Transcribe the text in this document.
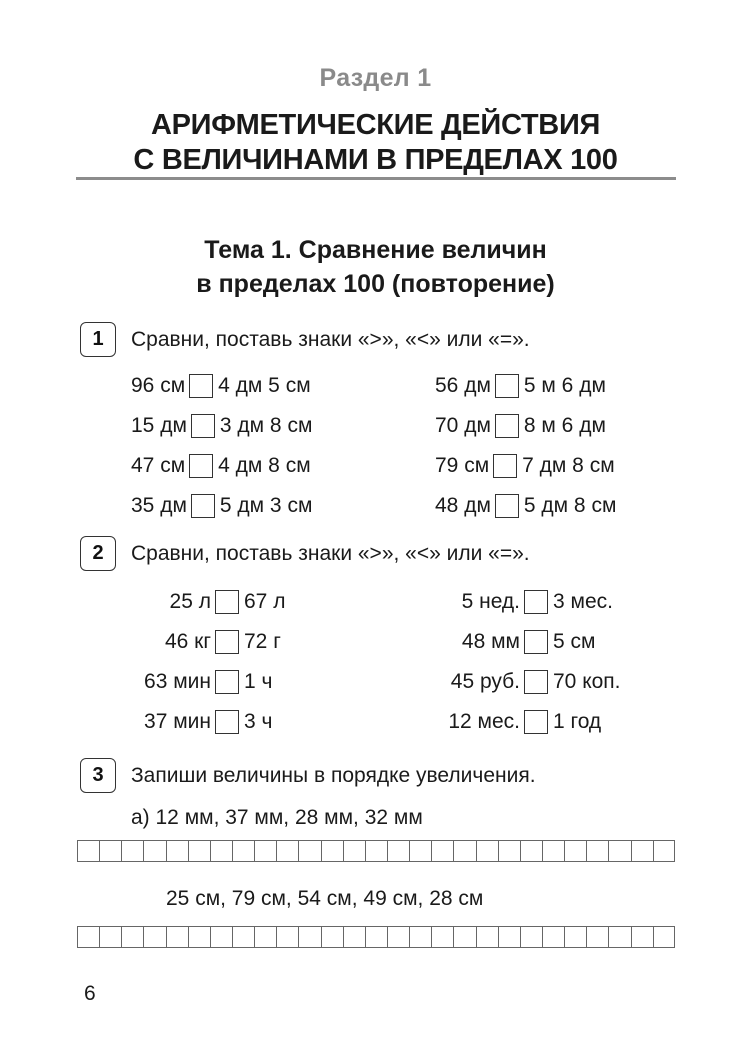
Раздел 1
АРИФМЕТИЧЕСКИЕ ДЕЙСТВИЯ
С ВЕЛИЧИНАМИ В ПРЕДЕЛАХ 100
Тема 1. Сравнение величин
в пределах 100 (повторение)
1	Сравни, поставь знаки «>», «<» или «=».
96 см 4 дм 5 см
15 дм 3 дм 8 см
47 см 4 дм 8 см
35 дм 5 дм 3 см
56 дм 5 м 6 дм
70 дм 8 м 6 дм
79 см 7 дм 8 см
48 дм 5 дм 8 см
2	Сравни, поставь знаки «>», «<» или «=».
25 л 67 л
46 кг 72 г
63 мин 1 ч
37 мин 3 ч
5 нед. 3 мес.
48 мм 5 см
45 руб. 70 коп.
12 мес. 1 год
3	Запиши величины в порядке увеличения.
а) 12 мм, 37 мм, 28 мм, 32 мм
25 см, 79 см, 54 см, 49 см, 28 см
6
